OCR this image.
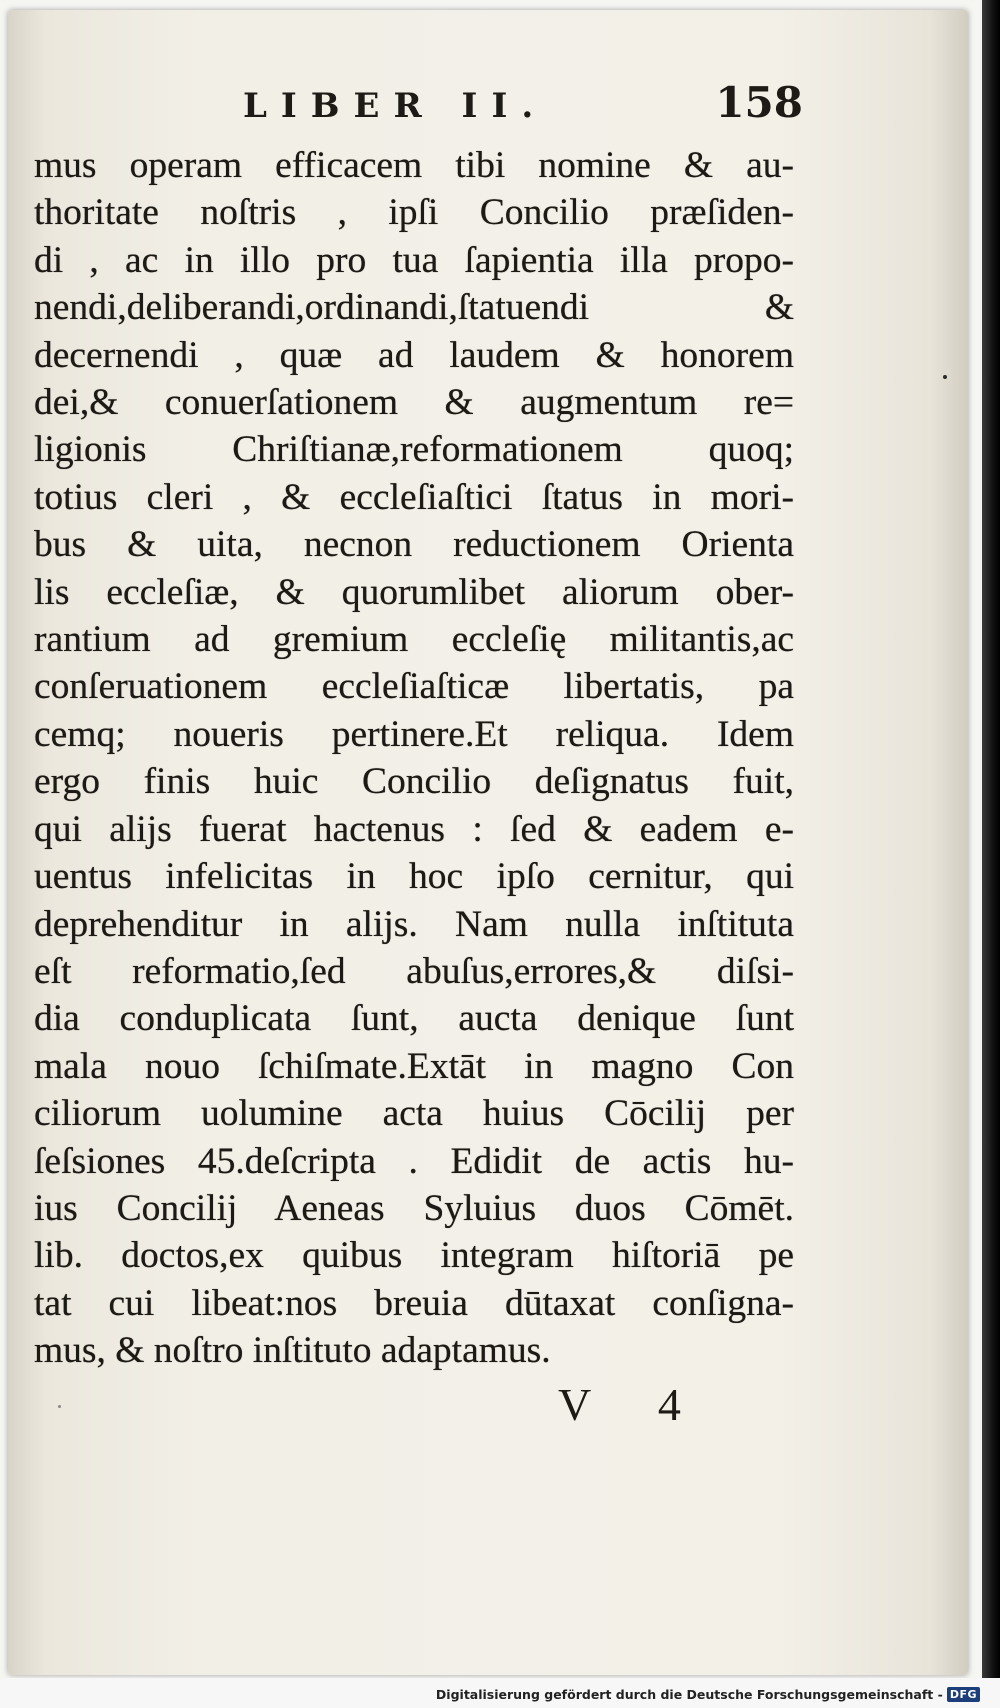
LIBER II.	158
mus operam efficacem tibi nomine & au-
thoritate noſtris , ipſi Concilio præſiden-
di , ac in illo pro tua ſapientia illa propo-
nendi,deliberandi,ordinandi,ſtatuendi &
decernendi , quæ ad laudem & honorem
dei,& conuerſationem & augmentum re=
ligionis Chriſtianæ,reformationem quoq;
totius cleri , & eccleſiaſtici ſtatus in mori-
bus & uita, necnon reductionem Orienta
lis eccleſiæ, & quorumlibet aliorum ober-
rantium ad gremium eccleſię militantis,ac
conſeruationem eccleſiaſticæ libertatis, pa
cemq; noueris pertinere.Et reliqua. Idem
ergo finis huic Concilio deſignatus fuit,
qui alijs fuerat hactenus : ſed & eadem e-
uentus infelicitas in hoc ipſo cernitur, qui
deprehenditur in alijs. Nam nulla inſtituta
eſt reformatio,ſed abuſus,errores,& diſsi-
dia conduplicata ſunt, aucta denique ſunt
mala nouo ſchiſmate.Extāt in magno Con
ciliorum uolumine acta huius Cōcilij per
ſeſsiones 45.deſcripta . Edidit de actis hu-
ius Concilij Aeneas Syluius duos Cōmēt.
lib. doctos,ex quibus integram hiſtoriā pe
tat cui libeat:nos breuia dūtaxat conſigna-
mus, & noſtro inſtituto adaptamus.
V 4
Digitalisierung gefördert durch die Deutsche Forschungsgemeinschaft - DFG
